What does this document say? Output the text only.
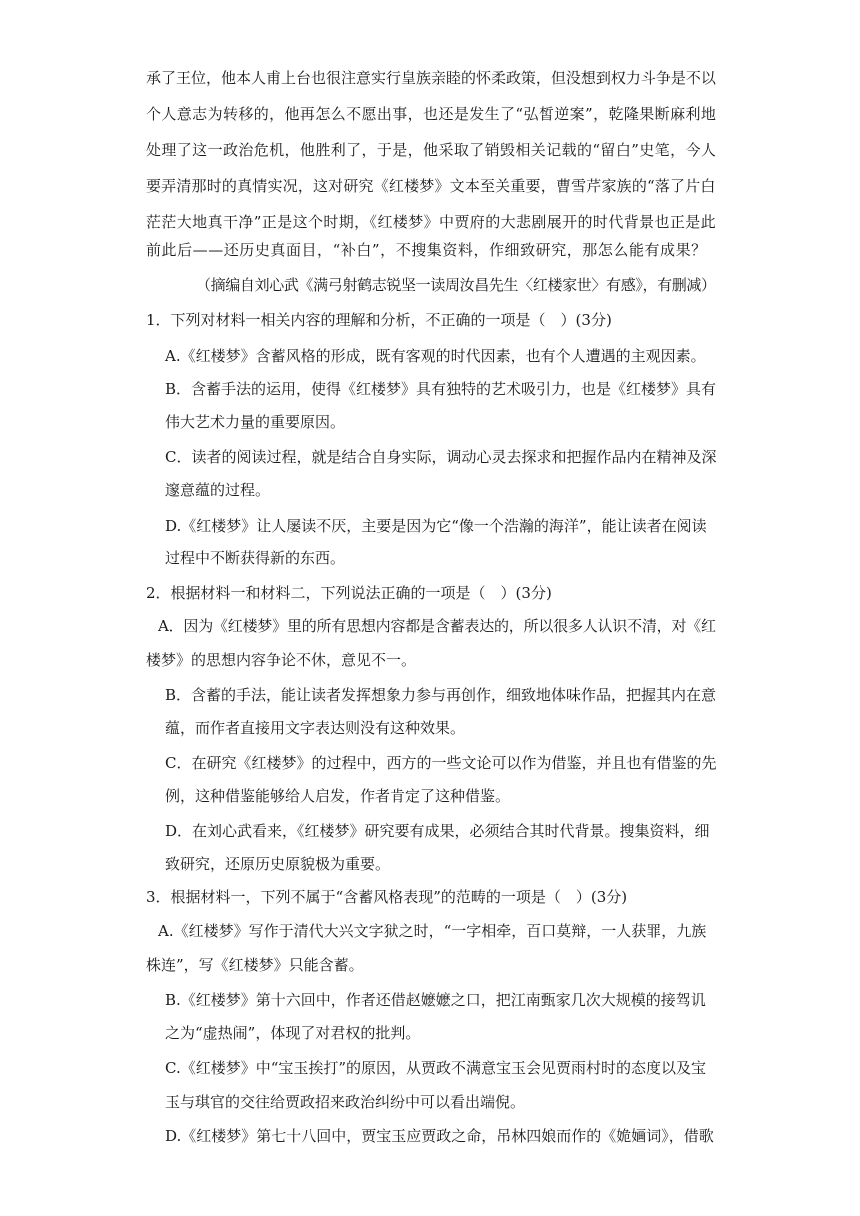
承了王位，他本人甫上台也很注意实行皇族亲睦的怀柔政策，但没想到权力斗争是不以
个人意志为转移的，他再怎么不愿出事，也还是发生了“弘皙逆案”，乾隆果断麻利地
处理了这一政治危机，他胜利了，于是，他采取了销毁相关记载的“留白”史笔，今人
要弄清那时的真情实况，这对研究《红楼梦》文本至关重要，曹雪芹家族的“落了片白
茫茫大地真干净”正是这个时期，《红楼梦》中贾府的大悲剧展开的时代背景也正是此
前此后——还历史真面目，“补白”，不搜集资料，作细致研究，那怎么能有成果？
（摘编自刘心武《满弓射鹤志锐坚一读周汝昌先生〈红楼家世〉有感》，有删减）
1．下列对材料一相关内容的理解和分析，不正确的一项是（　）(3分)
A.《红楼梦》含蓄风格的形成，既有客观的时代因素，也有个人遭遇的主观因素。
B．含蓄手法的运用，使得《红楼梦》具有独特的艺术吸引力，也是《红楼梦》具有
伟大艺术力量的重要原因。
C．读者的阅读过程，就是结合自身实际，调动心灵去探求和把握作品内在精神及深
邃意蕴的过程。
D.《红楼梦》让人屡读不厌，主要是因为它“像一个浩瀚的海洋”，能让读者在阅读
过程中不断获得新的东西。
2．根据材料一和材料二，下列说法正确的一项是（　）(3分)
A．因为《红楼梦》里的所有思想内容都是含蓄表达的，所以很多人认识不清，对《红
楼梦》的思想内容争论不休，意见不一。
B．含蓄的手法，能让读者发挥想象力参与再创作，细致地体味作品，把握其内在意
蕴，而作者直接用文字表达则没有这种效果。
C．在研究《红楼梦》的过程中，西方的一些文论可以作为借鉴，并且也有借鉴的先
例，这种借鉴能够给人启发，作者肯定了这种借鉴。
D．在刘心武看来，《红楼梦》研究要有成果，必须结合其时代背景。搜集资料，细
致研究，还原历史原貌极为重要。
3．根据材料一，下列不属于“含蓄风格表现”的范畴的一项是（　）(3分)
A.《红楼梦》写作于清代大兴文字狱之时，“一字相牵，百口莫辩，一人获罪，九族
株连”，写《红楼梦》只能含蓄。
B.《红楼梦》第十六回中，作者还借赵嬷嬷之口，把江南甄家几次大规模的接驾讥
之为“虚热闹”，体现了对君权的批判。
C.《红楼梦》中“宝玉挨打”的原因，从贾政不满意宝玉会见贾雨村时的态度以及宝
玉与琪官的交往给贾政招来政治纠纷中可以看出端倪。
D.《红楼梦》第七十八回中，贾宝玉应贾政之命，吊林四娘而作的《姽婳词》，借歌
